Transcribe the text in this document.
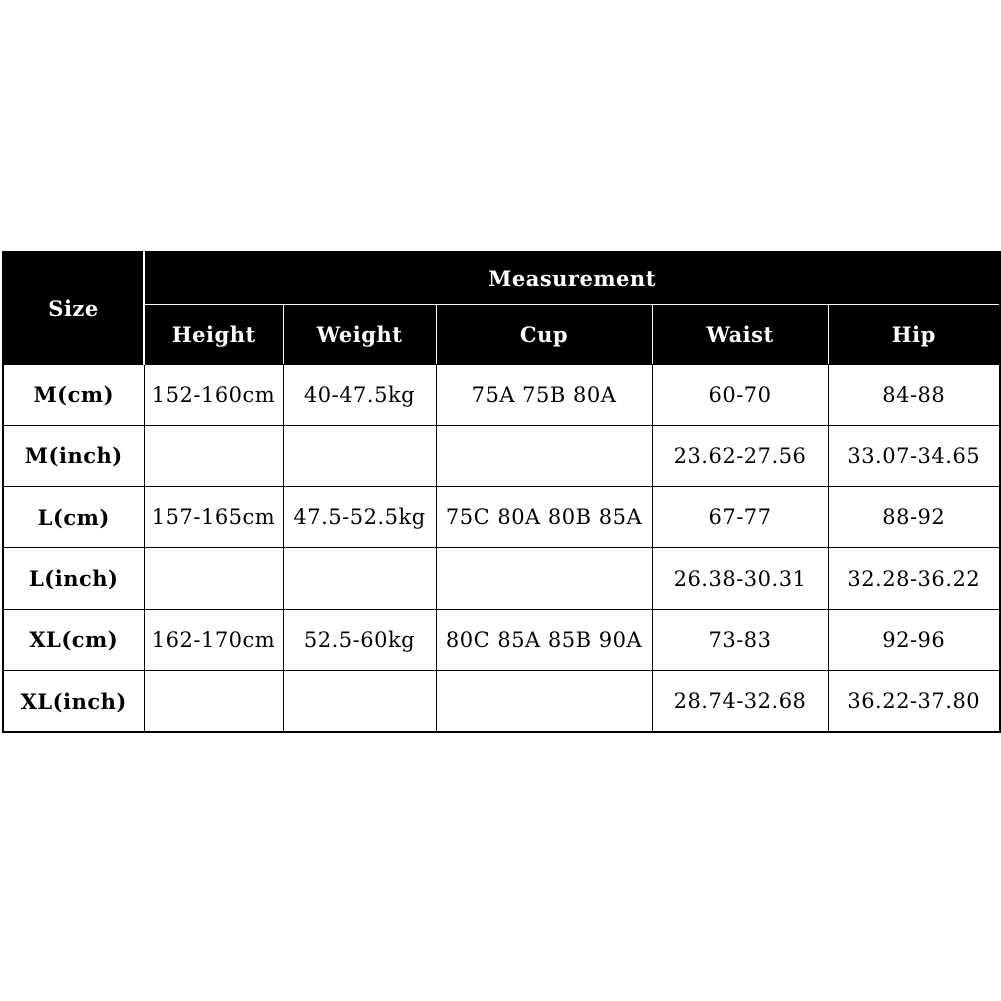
Size	Measurement				
	Height	Weight	Cup	Waist	Hip
M(cm)	152-160cm	40-47.5kg	75A 75B 80A	60-70	84-88
M(inch)				23.62-27.56	33.07-34.65
L(cm)	157-165cm	47.5-52.5kg	75C 80A 80B 85A	67-77	88-92
L(inch)				26.38-30.31	32.28-36.22
XL(cm)	162-170cm	52.5-60kg	80C 85A 85B 90A	73-83	92-96
XL(inch)				28.74-32.68	36.22-37.80
